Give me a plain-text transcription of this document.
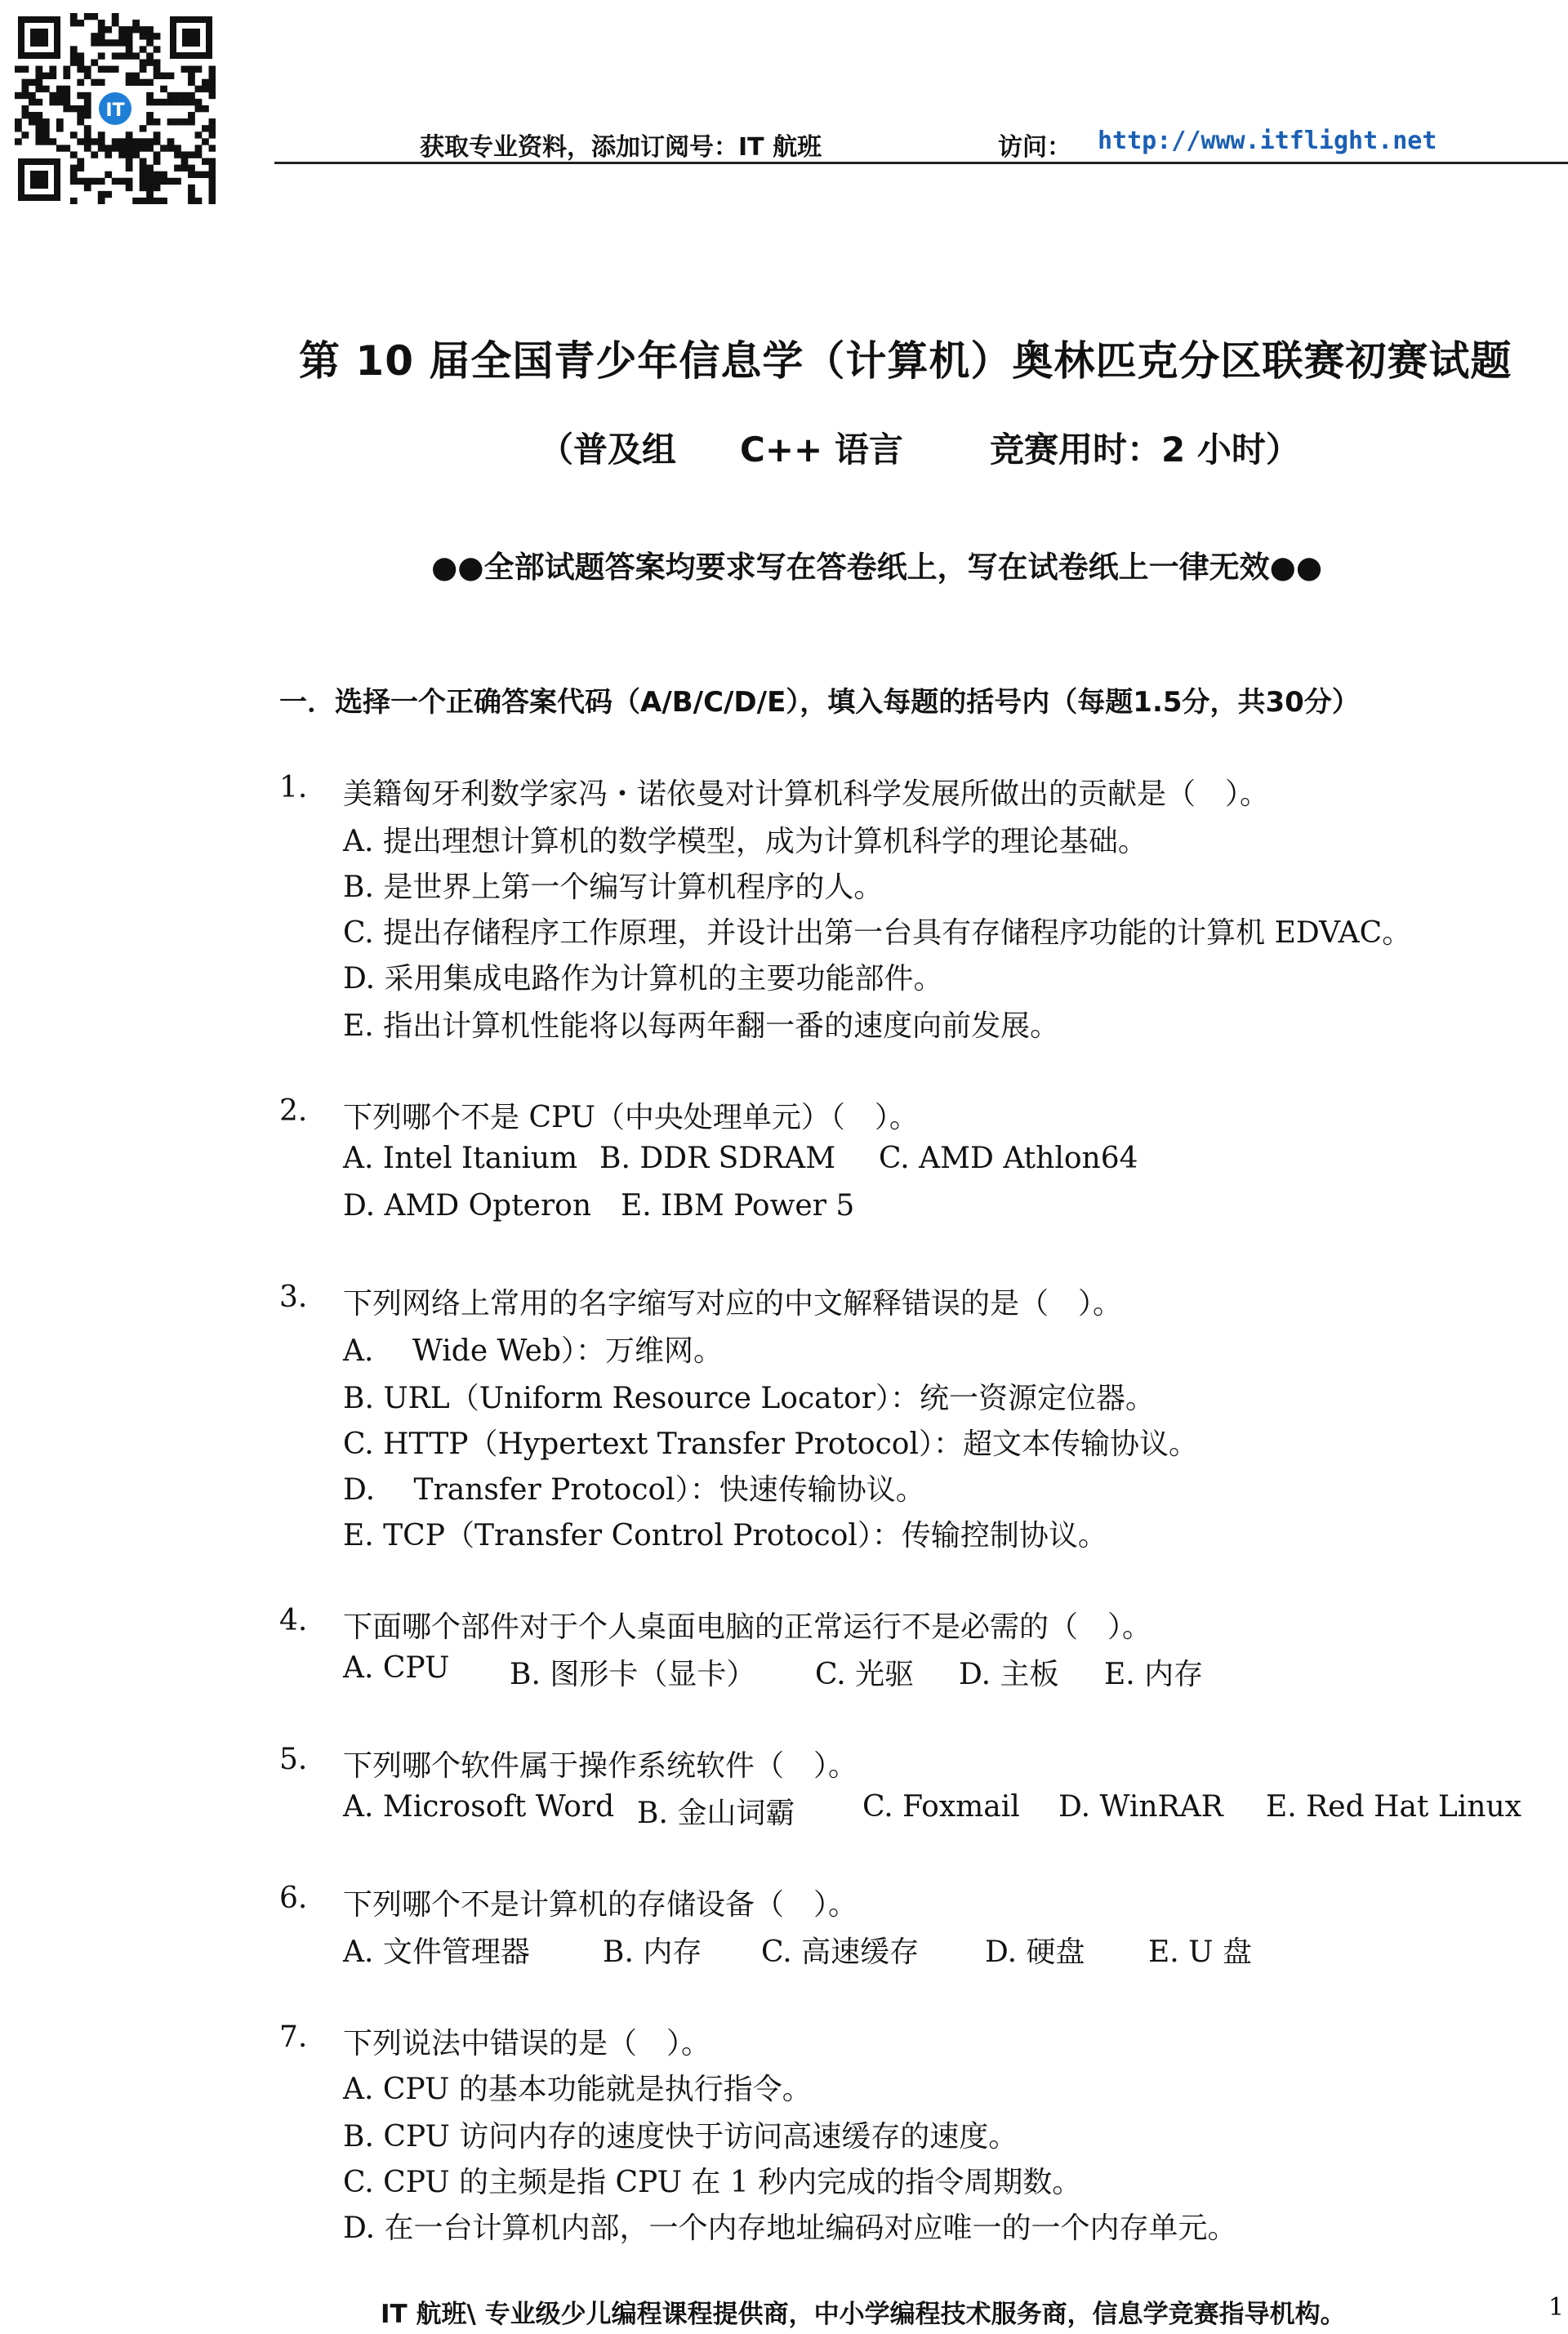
IT
获取专业资料，添加订阅号：IT 航班	访问： http://www.itflight.net
第 10 届全国青少年信息学（计算机）奥林匹克分区联赛初赛试题
（普及组 C++ 语言	竞赛用时：2 小时）
●●全部试题答案均要求写在答卷纸上，写在试卷纸上一律无效●●
一．选择一个正确答案代码（A/B/C/D/E），填入每题的括号内（每题1.5分，共30分）
1. 美籍匈牙利数学家冯・诺依曼对计算机科学发展所做出的贡献是（　）。
A. 提出理想计算机的数学模型，成为计算机科学的理论基础。
B. 是世界上第一个编写计算机程序的人。
C. 提出存储程序工作原理，并设计出第一台具有存储程序功能的计算机 EDVAC。
D. 采用集成电路作为计算机的主要功能部件。
E. 指出计算机性能将以每两年翻一番的速度向前发展。
2. 下列哪个不是 CPU（中央处理单元）（　）。
A. Intel Itanium B. DDR SDRAM C. AMD Athlon64
D. AMD Opteron E. IBM Power 5
3. 下列网络上常用的名字缩写对应的中文解释错误的是（　）。
A. 　Wide Web）：万维网。
B. URL（Uniform Resource Locator）：统一资源定位器。
C. HTTP（Hypertext Transfer Protocol）：超文本传输协议。
D. 　Transfer Protocol）：快速传输协议。
E. TCP（Transfer Control Protocol）：传输控制协议。
4. 下面哪个部件对于个人桌面电脑的正常运行不是必需的（　）。
A. CPU B. 图形卡（显卡） C. 光驱 D. 主板 E. 内存
5. 下列哪个软件属于操作系统软件（　）。
A. Microsoft Word B. 金山词霸 C. Foxmail D. WinRAR E. Red Hat Linux
6. 下列哪个不是计算机的存储设备（　）。
A. 文件管理器 B. 内存 C. 高速缓存 D. 硬盘 E. U 盘
7. 下列说法中错误的是（　）。
A. CPU 的基本功能就是执行指令。
B. CPU 访问内存的速度快于访问高速缓存的速度。
C. CPU 的主频是指 CPU 在 1 秒内完成的指令周期数。
D. 在一台计算机内部，一个内存地址编码对应唯一的一个内存单元。
IT 航班\ 专业级少儿编程课程提供商，中小学编程技术服务商，信息学竞赛指导机构。	1
